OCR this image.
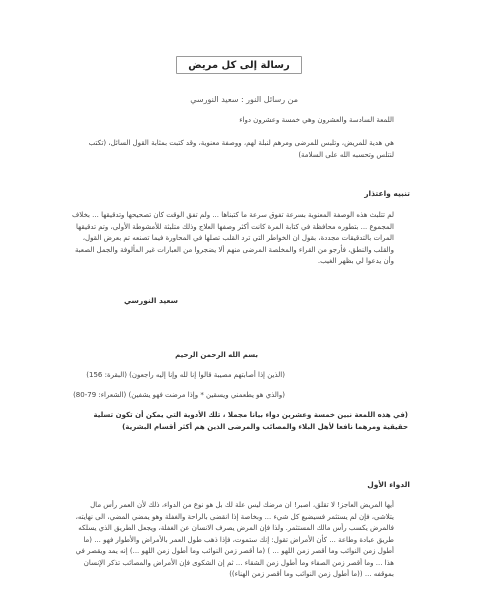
رسالة إلى كل مريض
من رسائل النور : سعيد النورسي
اللمعة السادسة والعشرون وهي خمسة وعشرون دواء
هي هدية للمريض، وتلبس للمرضى ومرهم لنبلة لهم، ووصفة معنوية، وقد كتبت بمثابة القول السائل، (تكتب لنتلس وتحسبه الله على السلامة)
تنبيه واعتذار
لم تتلبث هذه الوصفة المعنوية بسرعة تفوق سرعة ما كتبناها ... ولم تفق الوقت كان تصحيحها وتدقيقها ... بخلاف المجموع ... بتطوره محافظة في كتابة المرة كانت أكثر وصفها العلاج وذلك متلبثة للأمشوطة الأولى، وتم تدقيقها المرات بالتدقيقات مجددة، بقول ان الخواطر التي ترد القلب تصلها في المحاورة فيما تصنعه تم بعرض القول، والقلب والنطق، فأرجو من القراء والمخلصة المرضى منهم ألا يضجروا من العبارات غير المألوفة والجمل الصعبة وأن يدعوا لي بظهر الغيب.
سعيد النورسي
بسم الله الرحمن الرحيم
(الذين إذا أصابتهم مصيبة قالوا إنا لله وإنا إليه راجعون) (البقرة: 156)
(والذي هو يطعمني ويسقين * وإذا مرضت فهو يشفين) (الشعراء: 79-80)
(في هذه اللمعة نبين خمسة وعشرين دواء بيانا مجملا ، تلك الأدوية التي يمكن أن تكون تسلية حقيقية ومرهما نافعا لأهل البلاء والمصائب والمرضى الذين هم أكثر أقسام البشرية)
الدواء الأول
أيها المريض العاجز! لا تقلق، اصبر! ان مرضك ليس علة لك بل هو نوع من الدواء، ذلك لأن العمر رأس مال يتلاشى، فإن لم يستثمر فسيضيع كل شيء ... وبخاصة إذا انقضى بالراحة والغفلة وهو يمضي المضي، الى نهايته، فالمرض يكسب رأس مالك المستثمر. ولذا فإن المرض يصرف الانسان عن الغفلة، ويجعل الطريق الذي يسلكه طريق عبادة وطاعة ... كأن الأمراض تقول: إنك ستموت، فإذا ذهب طول العمر بالأمراض والأطوار فهو ... (ما أطول زمن النوائب وما أقصر زمن اللهو ... ) (ما أقصر زمن النوائب وما أطول زمن اللهو ...) إنه يمد ويقصر في هذا ... وما أقصر زمن الصفاء وما أطول زمن الشقاء ... ثم إن الشكوى فإن الأمراض والمصائب تذكر الإنسان بموقفه ... ((ما أطول زمن النوائب وما أقصر زمن الهناء))
